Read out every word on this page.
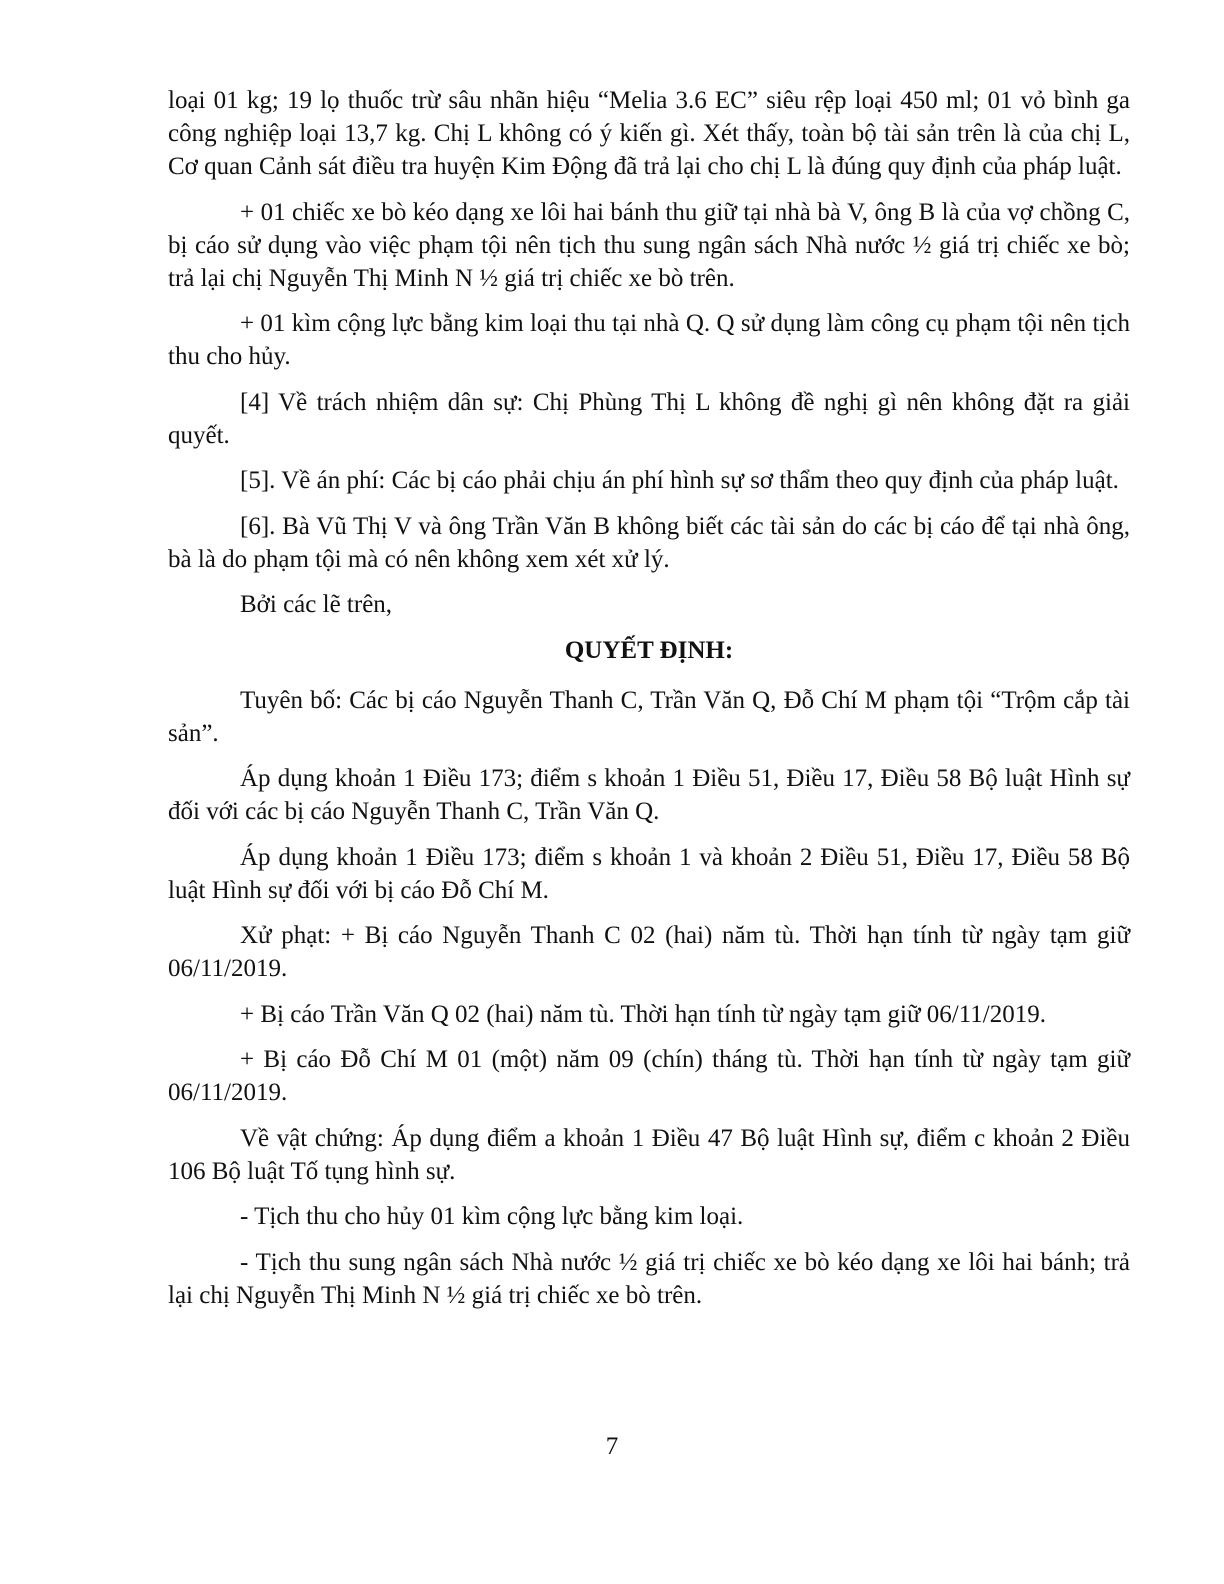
loại 01 kg; 19 lọ thuốc trừ sâu nhãn hiệu “Melia 3.6 EC” siêu rệp loại 450 ml; 01 vỏ bình ga công nghiệp loại 13,7 kg. Chị L không có ý kiến gì. Xét thấy, toàn bộ tài sản trên là của chị L, Cơ quan Cảnh sát điều tra huyện Kim Động đã trả lại cho chị L là đúng quy định của pháp luật.

+ 01 chiếc xe bò kéo dạng xe lôi hai bánh thu giữ tại nhà bà V, ông B là của vợ chồng C, bị cáo sử dụng vào việc phạm tội nên tịch thu sung ngân sách Nhà nước ½ giá trị chiếc xe bò; trả lại chị Nguyễn Thị Minh N ½ giá trị chiếc xe bò trên.

+ 01 kìm cộng lực bằng kim loại thu tại nhà Q. Q sử dụng làm công cụ phạm tội nên tịch thu cho hủy.

[4] Về trách nhiệm dân sự: Chị Phùng Thị L không đề nghị gì nên không đặt ra giải quyết.

[5]. Về án phí: Các bị cáo phải chịu án phí hình sự sơ thẩm theo quy định của pháp luật.

[6]. Bà Vũ Thị V và ông Trần Văn B không biết các tài sản do các bị cáo để tại nhà ông, bà là do phạm tội mà có nên không xem xét xử lý.

Bởi các lẽ trên,

QUYẾT ĐỊNH:

Tuyên bố: Các bị cáo Nguyễn Thanh C, Trần Văn Q, Đỗ Chí M phạm tội “Trộm cắp tài sản”.

Áp dụng khoản 1 Điều 173; điểm s khoản 1 Điều 51, Điều 17, Điều 58 Bộ luật Hình sự đối với các bị cáo Nguyễn Thanh C, Trần Văn Q.

Áp dụng khoản 1 Điều 173; điểm s khoản 1 và khoản 2 Điều 51, Điều 17, Điều 58 Bộ luật Hình sự đối với bị cáo Đỗ Chí M.

Xử phạt: + Bị cáo Nguyễn Thanh C 02 (hai) năm tù. Thời hạn tính từ ngày tạm giữ 06/11/2019.

+ Bị cáo Trần Văn Q 02 (hai) năm tù. Thời hạn tính từ ngày tạm giữ 06/11/2019.

+ Bị cáo Đỗ Chí M 01 (một) năm 09 (chín) tháng tù. Thời hạn tính từ ngày tạm giữ 06/11/2019.

Về vật chứng: Áp dụng điểm a khoản 1 Điều 47 Bộ luật Hình sự, điểm c khoản 2 Điều 106 Bộ luật Tố tụng hình sự.

- Tịch thu cho hủy 01 kìm cộng lực bằng kim loại.

- Tịch thu sung ngân sách Nhà nước ½ giá trị chiếc xe bò kéo dạng xe lôi hai bánh; trả lại chị Nguyễn Thị Minh N ½ giá trị chiếc xe bò trên.

7
